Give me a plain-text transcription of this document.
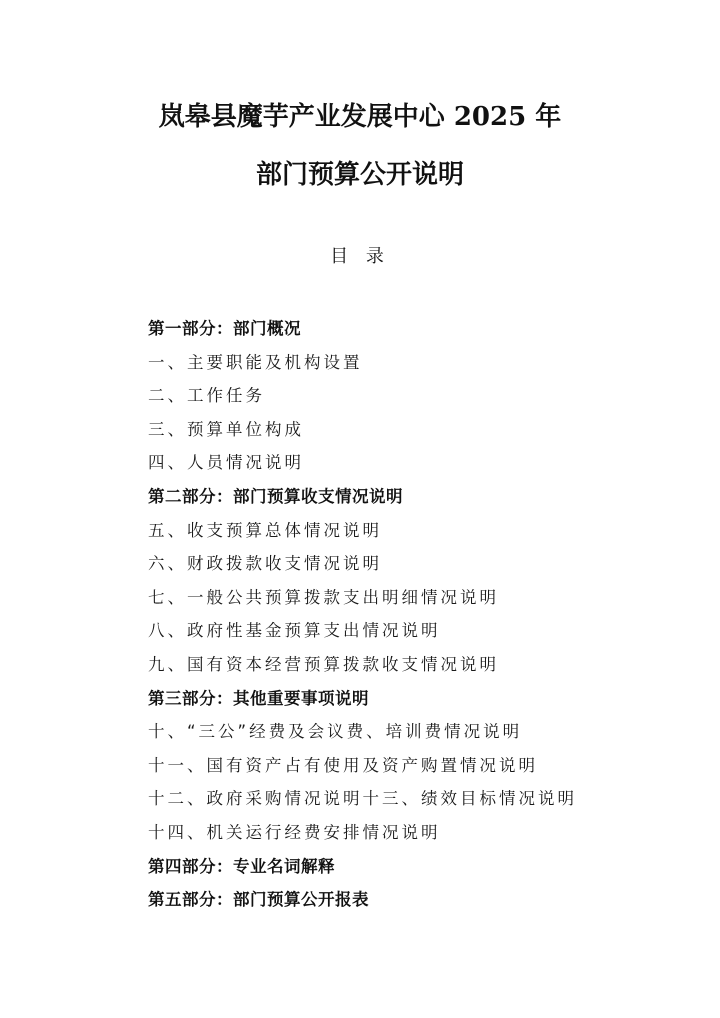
岚皋县魔芋产业发展中心 2025 年
部门预算公开说明
目 录
第一部分：部门概况
一、主要职能及机构设置
二、工作任务
三、预算单位构成
四、人员情况说明
第二部分：部门预算收支情况说明
五、收支预算总体情况说明
六、财政拨款收支情况说明
七、一般公共预算拨款支出明细情况说明
八、政府性基金预算支出情况说明
九、国有资本经营预算拨款收支情况说明
第三部分：其他重要事项说明
十、“三公”经费及会议费、培训费情况说明
十一、国有资产占有使用及资产购置情况说明
十二、政府采购情况说明十三、绩效目标情况说明
十四、机关运行经费安排情况说明
第四部分：专业名词解释
第五部分：部门预算公开报表
